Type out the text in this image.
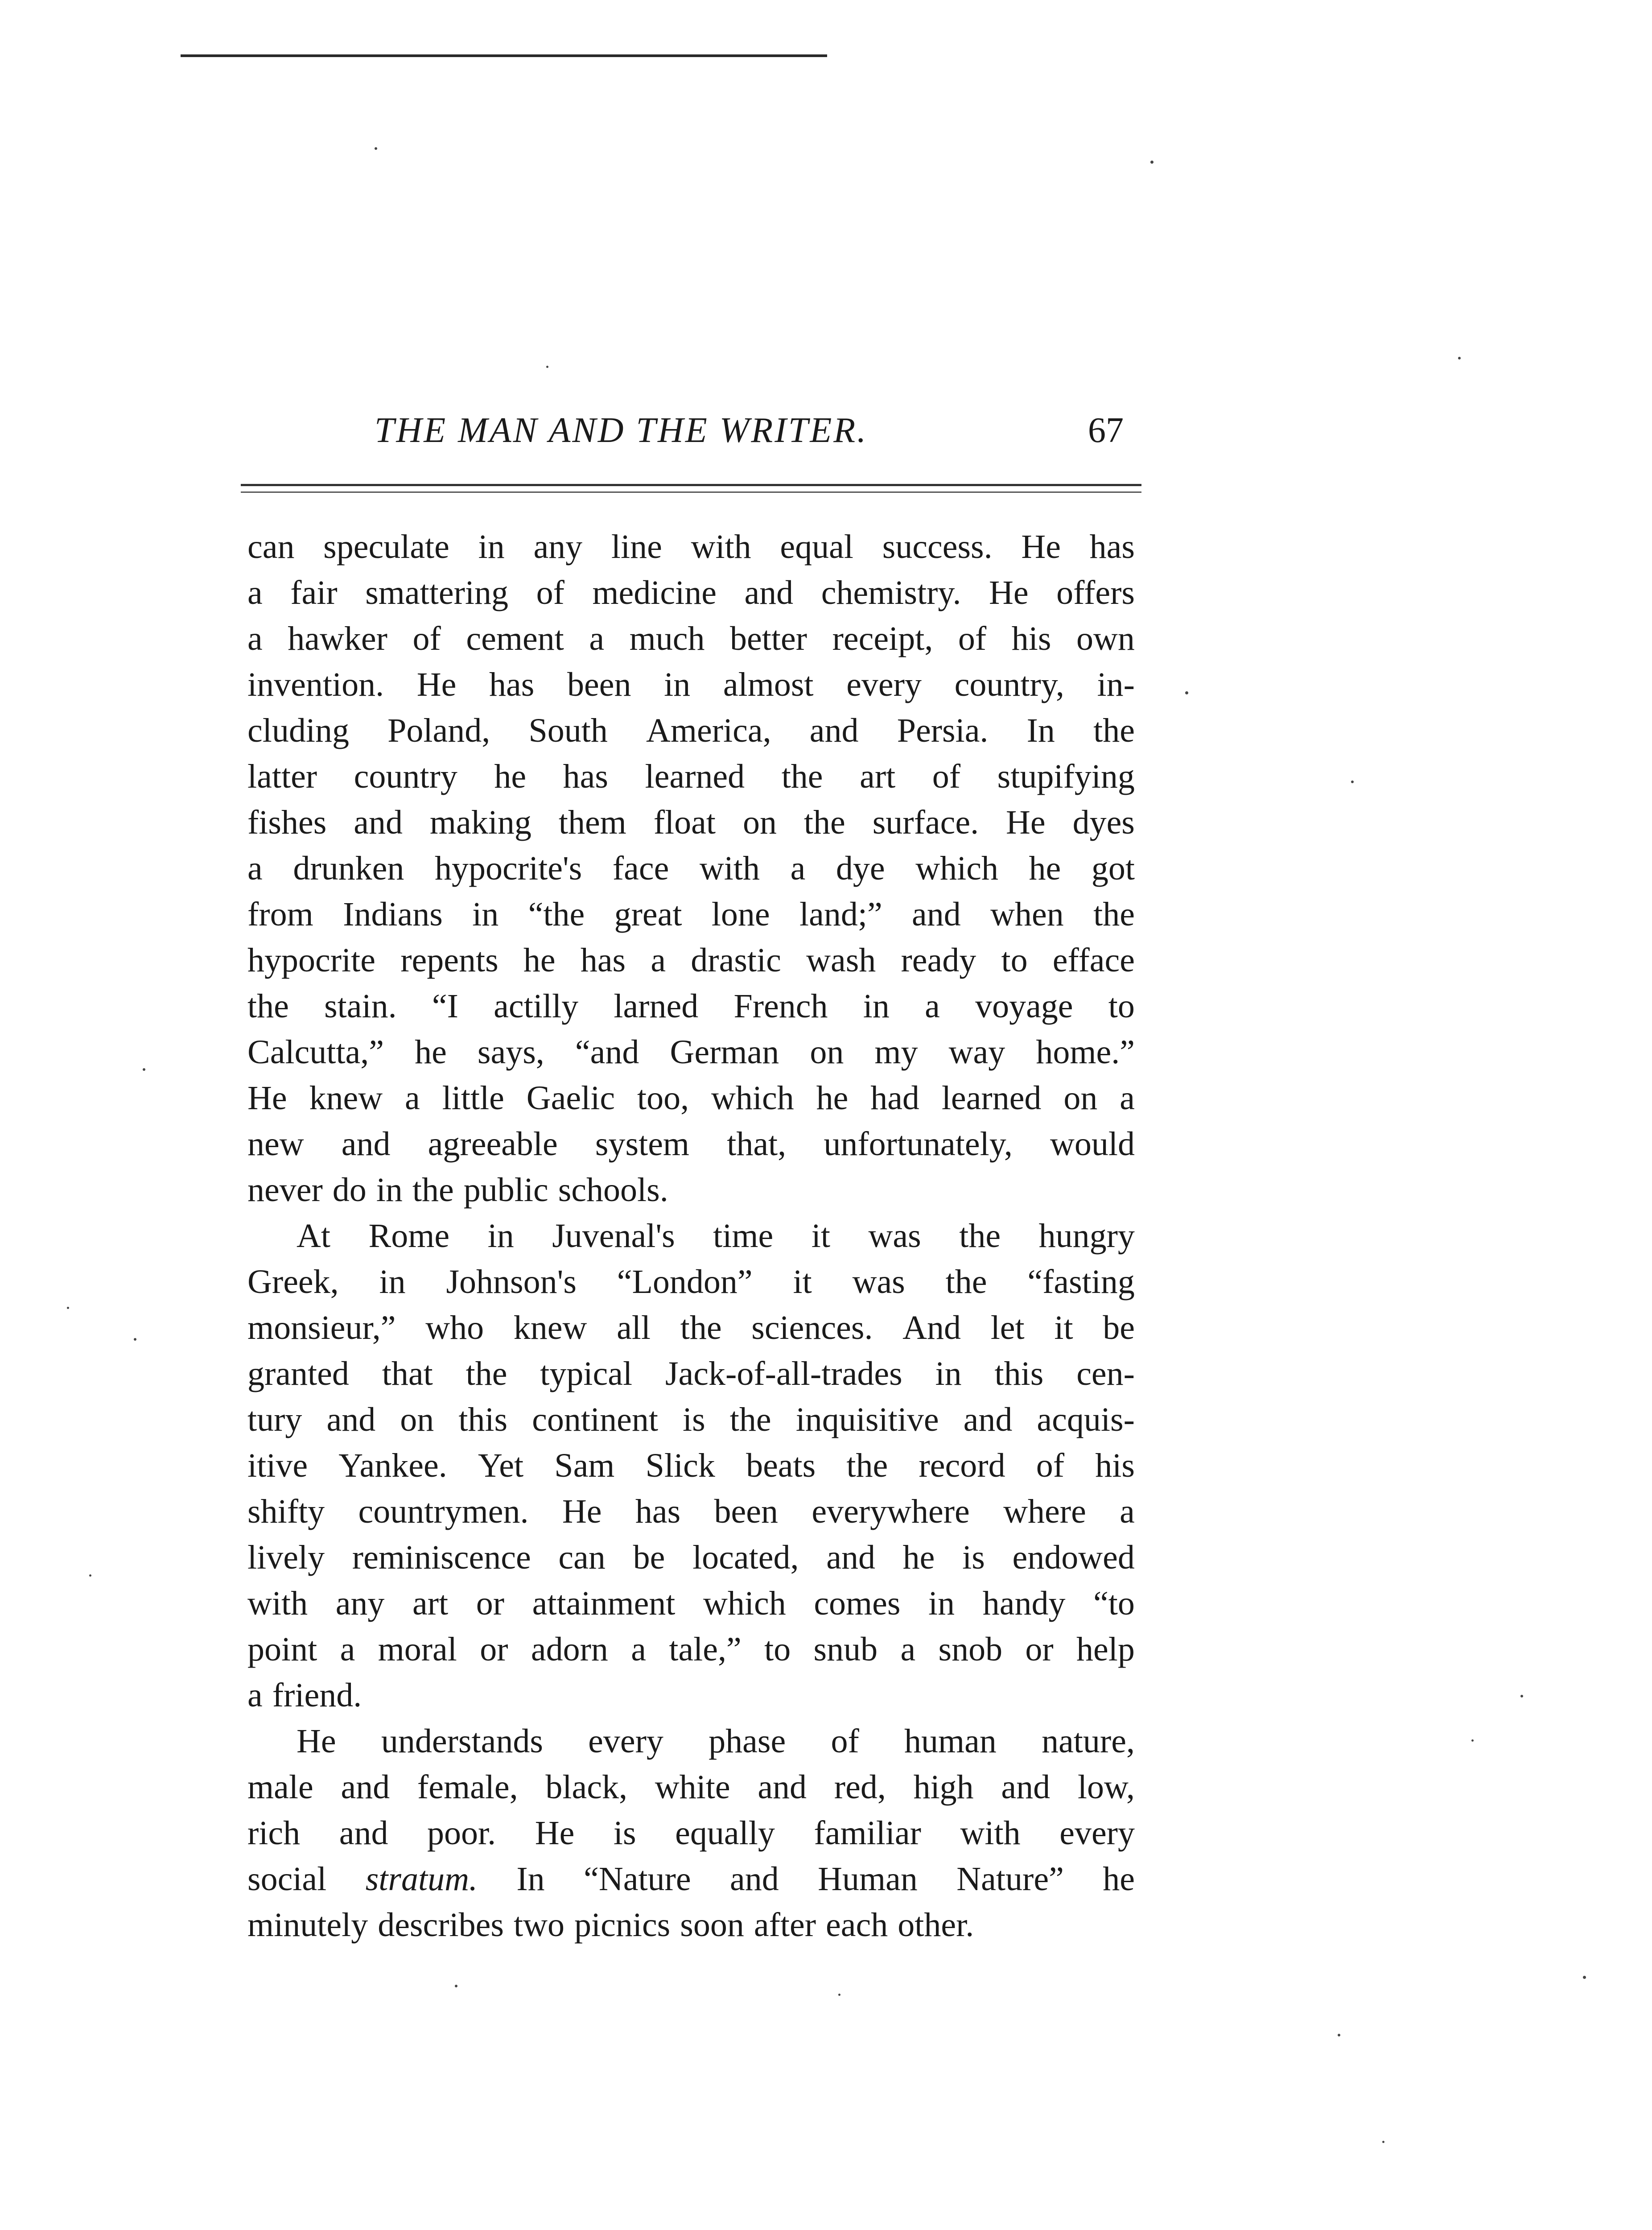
THE MAN AND THE WRITER.	67
can speculate in any line with equal success. He has
a fair smattering of medicine and chemistry. He offers
a hawker of cement a much better receipt, of his own
invention. He has been in almost every country, in-
cluding Poland, South America, and Persia. In the
latter country he has learned the art of stupifying
fishes and making them float on the surface. He dyes
a drunken hypocrite's face with a dye which he got
from Indians in “the great lone land;” and when the
hypocrite repents he has a drastic wash ready to efface
the stain. “I actilly larned French in a voyage to
Calcutta,” he says, “and German on my way home.”
He knew a little Gaelic too, which he had learned on a
new and agreeable system that, unfortunately, would
never do in the public schools.
At Rome in Juvenal's time it was the hungry
Greek, in Johnson's “London” it was the “fasting
monsieur,” who knew all the sciences. And let it be
granted that the typical Jack-of-all-trades in this cen-
tury and on this continent is the inquisitive and acquis-
itive Yankee. Yet Sam Slick beats the record of his
shifty countrymen. He has been everywhere where a
lively reminiscence can be located, and he is endowed
with any art or attainment which comes in handy “to
point a moral or adorn a tale,” to snub a snob or help
a friend.
He understands every phase of human nature,
male and female, black, white and red, high and low,
rich and poor. He is equally familiar with every
social stratum. In “Nature and Human Nature” he
minutely describes two picnics soon after each other.
